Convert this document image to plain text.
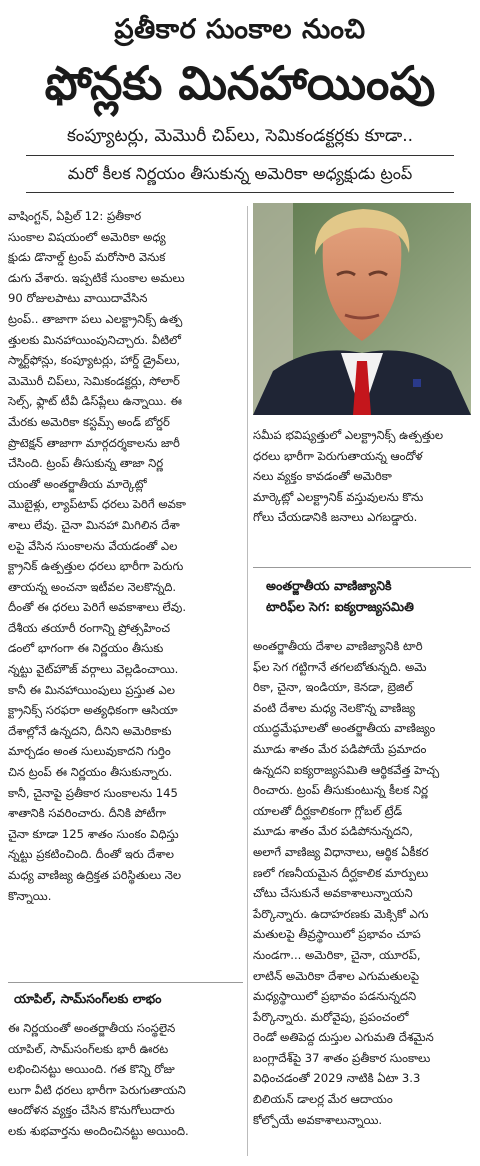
ప్రతీకార సుంకాల నుంచి
ఫోన్లకు మినహాయింపు
కంప్యూటర్లు, మెమొరీ చిప్‌లు, సెమికండక్టర్లకు కూడా..
మరో కీలక నిర్ణయం తీసుకున్న అమెరికా అధ్యక్షుడు ట్రంప్
వాషింగ్టన్, ఏప్రిల్ 12: ప్రతీకార
సుంకాల విషయంలో అమెరికా అధ్య
క్షుడు డొనాల్డ్ ట్రంప్ మరోసారి వెనుక
డుగు వేశారు. ఇప్పటికే సుంకాల అమలు
90 రోజులపాటు వాయిదావేసిన
ట్రంప్.. తాజాగా పలు ఎలక్ట్రానిక్స్ ఉత్ప
త్తులకు మినహాయింపునిచ్చారు. వీటిలో
స్మార్ట్‌ఫోన్లు, కంప్యూటర్లు, హార్డ్ డ్రైవ్‌లు,
మెమొరీ చిప్‌లు, సెమికండక్టర్లు, సోలార్
సెల్స్, ఫ్లాట్ టీవీ డిస్‌ప్లేలు ఉన్నాయి. ఈ
మేరకు అమెరికా కస్టమ్స్ అండ్ బోర్డర్
ప్రొటెక్షన్ తాజాగా మార్గదర్శకాలను జారీ
చేసింది. ట్రంప్ తీసుకున్న తాజా నిర్ణ
యంతో అంతర్జాతీయ మార్కెట్లో
మొబైళ్లు, ల్యాప్‌టాప్ ధరలు పెరిగే అవకా
శాలు లేవు. చైనా మినహా మిగిలిన దేశా
లపై వేసిన సుంకాలను వేయడంతో ఎల
క్ట్రానిక్ ఉత్పత్తుల ధరలు భారీగా పెరుగు
తాయన్న అంచనా ఇటీవల నెలకొన్నది.
దీంతో ఈ ధరలు పెరిగే అవకాశాలు లేవు.
దేశీయ తయారీ రంగాన్ని ప్రోత్సహించ
డంలో భాగంగా ఈ నిర్ణయం తీసుకు
న్నట్టు వైట్‌హౌజ్ వర్గాలు వెల్లడించాయి.
కానీ ఈ మినహాయింపులు ప్రస్తుత ఎల
క్ట్రానిక్స్ సరఫరా అత్యధికంగా ఆసియా
దేశాల్లోనే ఉన్నదని, దీనిని అమెరికాకు
మార్చడం అంత సులువుకాదని గుర్తిం
చిన ట్రంప్ ఈ నిర్ణయం తీసుకున్నారు.
కానీ, చైనాపై ప్రతీకార సుంకాలను 145
శాతానికి సవరించారు. దీనికి పోటీగా
చైనా కూడా 125 శాతం సుంకం విధిస్తు
న్నట్టు ప్రకటించింది. దీంతో ఇరు దేశాల
మధ్య వాణిజ్య ఉద్రిక్తత పరిస్థితులు నెల
కొన్నాయి.
యాపిల్, సామ్‌సంగ్‌లకు లాభం
ఈ నిర్ణయంతో అంతర్జాతీయ సంస్థలైన
యాపిల్, సామ్‌సంగ్‌లకు భారీ ఊరట
లభించినట్టు అయింది. గత కొన్ని రోజు
లుగా వీటి ధరలు భారీగా పెరుగుతాయని
ఆందోళన వ్యక్తం చేసిన కొనుగోలుదారు
లకు శుభవార్తను అందించినట్టు అయింది.
సమీప భవిష్యత్తులో ఎలక్ట్రానిక్స్ ఉత్పత్తుల
ధరలు భారీగా పెరుగుతాయన్న ఆందోళ
నలు వ్యక్తం కావడంతో అమెరికా
మార్కెట్లో ఎలక్ట్రానిక్ వస్తువులను కొను
గోలు చేయడానికి జనాలు ఎగబడ్డారు.
అంతర్జాతీయ వాణిజ్యానికి
టారిఫ్‌ల సెగ: ఐక్యరాజ్యసమితి
అంతర్జాతీయ దేశాల వాణిజ్యానికి టారి
ఫ్‌ల సెగ గట్టిగానే తగలబోతున్నది. అమె
రికా, చైనా, ఇండియా, కెనడా, బ్రెజిల్
వంటి దేశాల మధ్య నెలకొన్న వాణిజ్య
యుద్ధమేఘాలతో అంతర్జాతీయ వాణిజ్యం
మూడు శాతం మేర పడిపోయే ప్రమాదం
ఉన్నదని ఐక్యరాజ్యసమితి ఆర్థికవేత్త హెచ్చ
రించారు. ట్రంప్ తీసుకుంటున్న కీలక నిర్ణ
యాలతో దీర్ఘకాలికంగా గ్లోబల్ ట్రేడ్
మూడు శాతం మేర పడిపోనున్నదని,
అలాగే వాణిజ్య విధానాలు, ఆర్థిక ఏకీకర
ణలో గణనీయమైన దీర్ఘకాలిక మార్పులు
చోటు చేసుకునే అవకాశాలున్నాయని
పేర్కొన్నారు. ఉదాహరణకు మెక్సికో ఎగు
మతులపై తీవ్రస్థాయిలో ప్రభావం చూప
నుండగా... అమెరికా, చైనా, యూరప్,
లాటిన్ అమెరికా దేశాల ఎగుమతులపై
మధ్యస్థాయిలో ప్రభావం పడనున్నదని
పేర్కొన్నారు. మరోవైపు, ప్రపంచంలో
రెండో అతిపెద్ద దుస్తుల ఎగుమతి దేశమైన
బంగ్లాదేశ్‌పై 37 శాతం ప్రతీకార సుంకాలు
విధించడంతో 2029 నాటికి ఏటా 3.3
బిలియన్ డాలర్ల మేర ఆదాయం
కోల్పోయే అవకాశాలున్నాయి.
